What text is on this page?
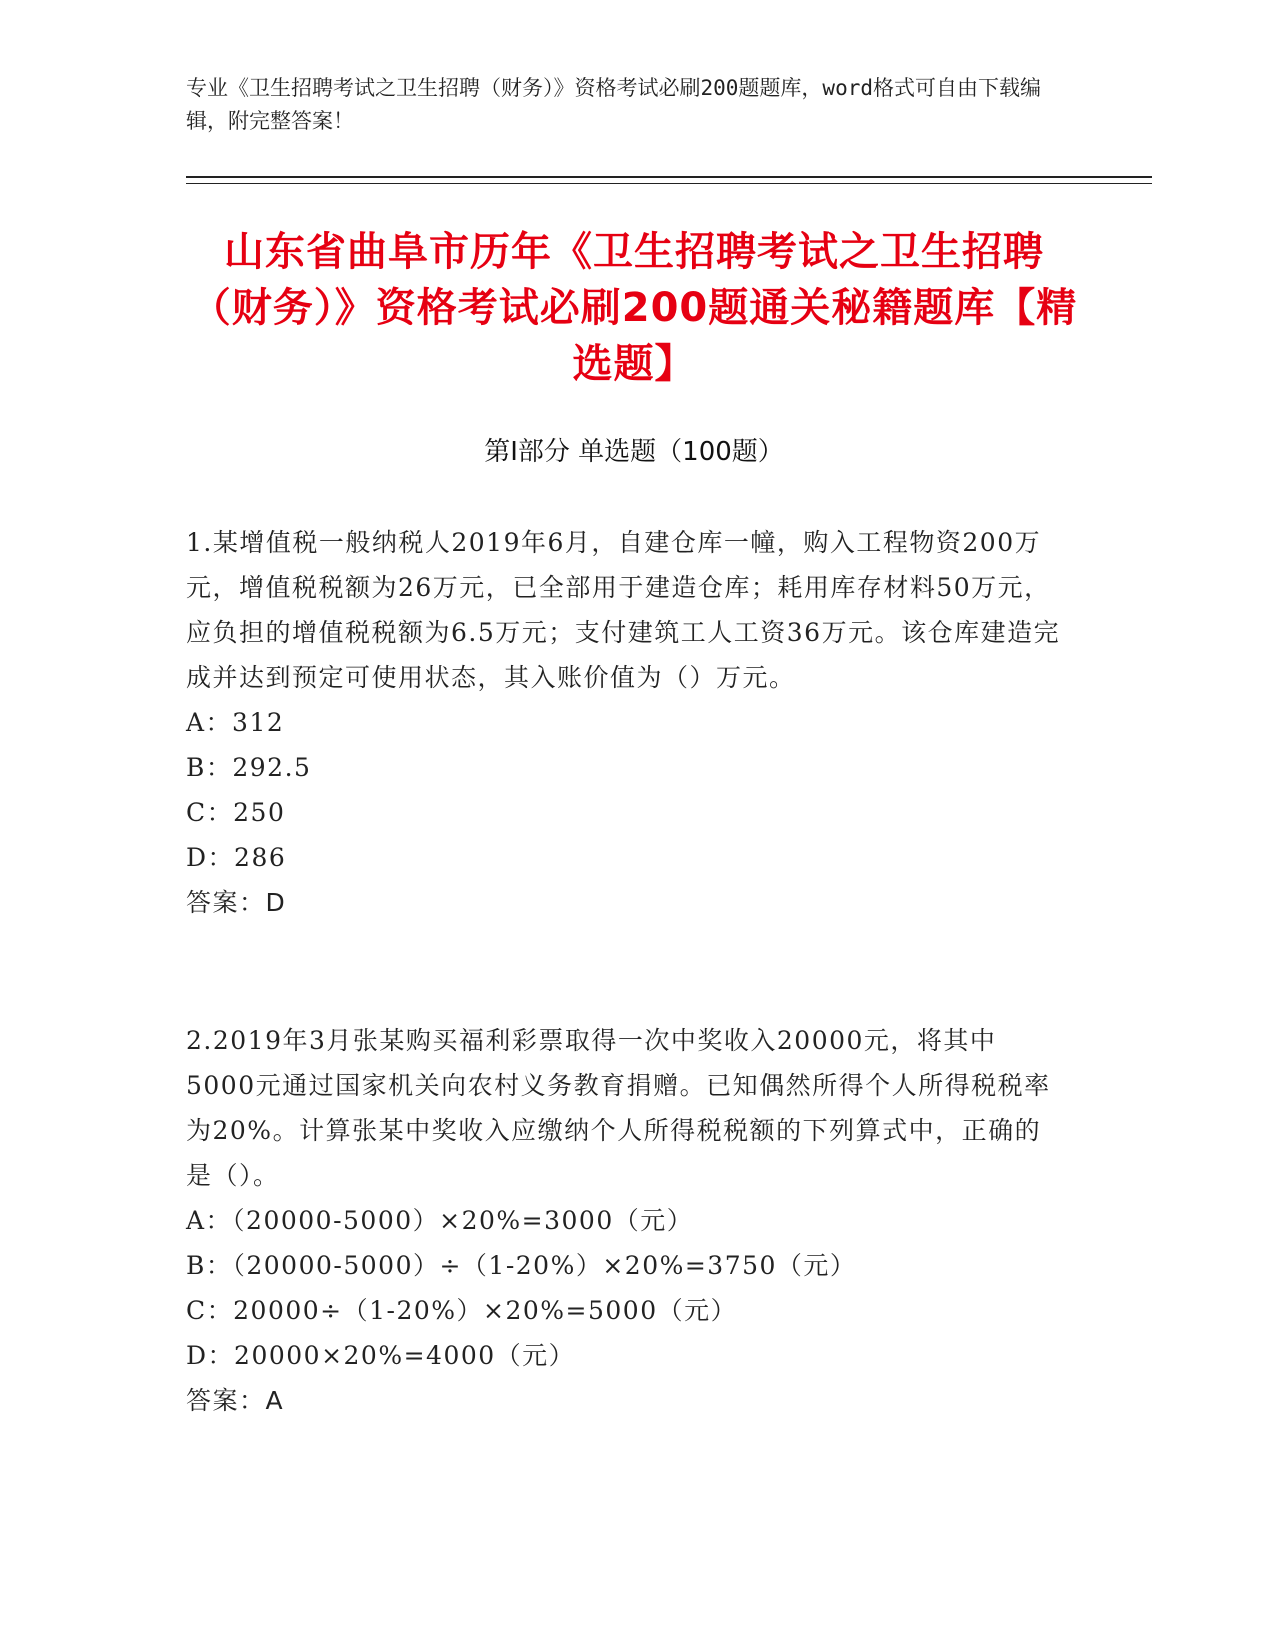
专业《卫生招聘考试之卫生招聘（财务）》资格考试必刷200题题库，word格式可自由下载编辑，附完整答案！
山东省曲阜市历年《卫生招聘考试之卫生招聘（财务）》资格考试必刷200题通关秘籍题库【精选题】
第Ⅰ部分 单选题（100题）

1.某增值税一般纳税人2019年6月，自建仓库一幢，购入工程物资200万元，增值税税额为26万元，已全部用于建造仓库；耗用库存材料50万元，应负担的增值税税额为6.5万元；支付建筑工人工资36万元。该仓库建造完成并达到预定可使用状态，其入账价值为（）万元。

A：312

B：292.5

C：250

D：286

答案：D

2.2019年3月张某购买福利彩票取得一次中奖收入20000元，将其中5000元通过国家机关向农村义务教育捐赠。已知偶然所得个人所得税税率为20%。计算张某中奖收入应缴纳个人所得税税额的下列算式中，正确的是（）。

A：（20000-5000）×20%=3000（元）

B：（20000-5000）÷（1-20%）×20%=3750（元）

C：20000÷（1-20%）×20%=5000（元）

D：20000×20%=4000（元）

答案：A
